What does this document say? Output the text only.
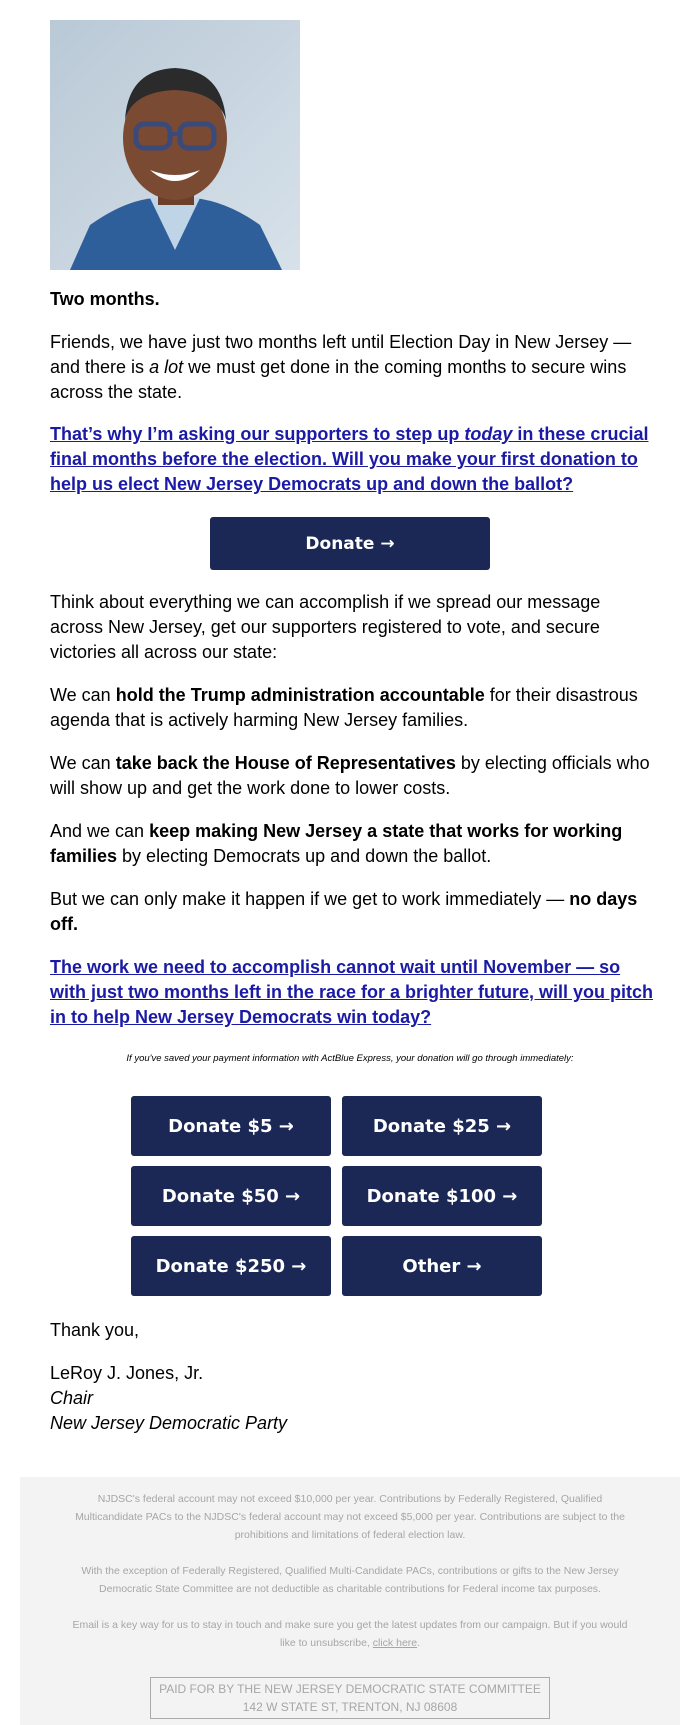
Two months.

Friends, we have just two months left until Election Day in New Jersey — and there is a lot we must get done in the coming months to secure wins across the state.

That’s why I’m asking our supporters to step up today in these crucial final months before the election. Will you make your first donation to help us elect New Jersey Democrats up and down the ballot?

Donate →

Think about everything we can accomplish if we spread our message across New Jersey, get our supporters registered to vote, and secure victories all across our state:

We can hold the Trump administration accountable for their disastrous agenda that is actively harming New Jersey families.

We can take back the House of Representatives by electing officials who will show up and get the work done to lower costs.

And we can keep making New Jersey a state that works for working families by electing Democrats up and down the ballot.

But we can only make it happen if we get to work immediately — no days off.

The work we need to accomplish cannot wait until November — so with just two months left in the race for a brighter future, will you pitch in to help New Jersey Democrats win today?

If you've saved your payment information with ActBlue Express, your donation will go through immediately:
Donate $5 →	Donate $25 →
Donate $50 →	Donate $100 →
Donate $250 →	Other →
Thank you,
LeRoy J. Jones, Jr.
Chair
New Jersey Democratic Party

NJDSC's federal account may not exceed $10,000 per year. Contributions by Federally Registered, Qualified Multicandidate PACs to the NJDSC's federal account may not exceed $5,000 per year. Contributions are subject to the prohibitions and limitations of federal election law.

With the exception of Federally Registered, Qualified Multi-Candidate PACs, contributions or gifts to the New Jersey Democratic State Committee are not deductible as charitable contributions for Federal income tax purposes.

Email is a key way for us to stay in touch and make sure you get the latest updates from our campaign. But if you would like to unsubscribe, click here.

PAID FOR BY THE NEW JERSEY DEMOCRATIC STATE COMMITTEE
142 W STATE ST, TRENTON, NJ 08608
